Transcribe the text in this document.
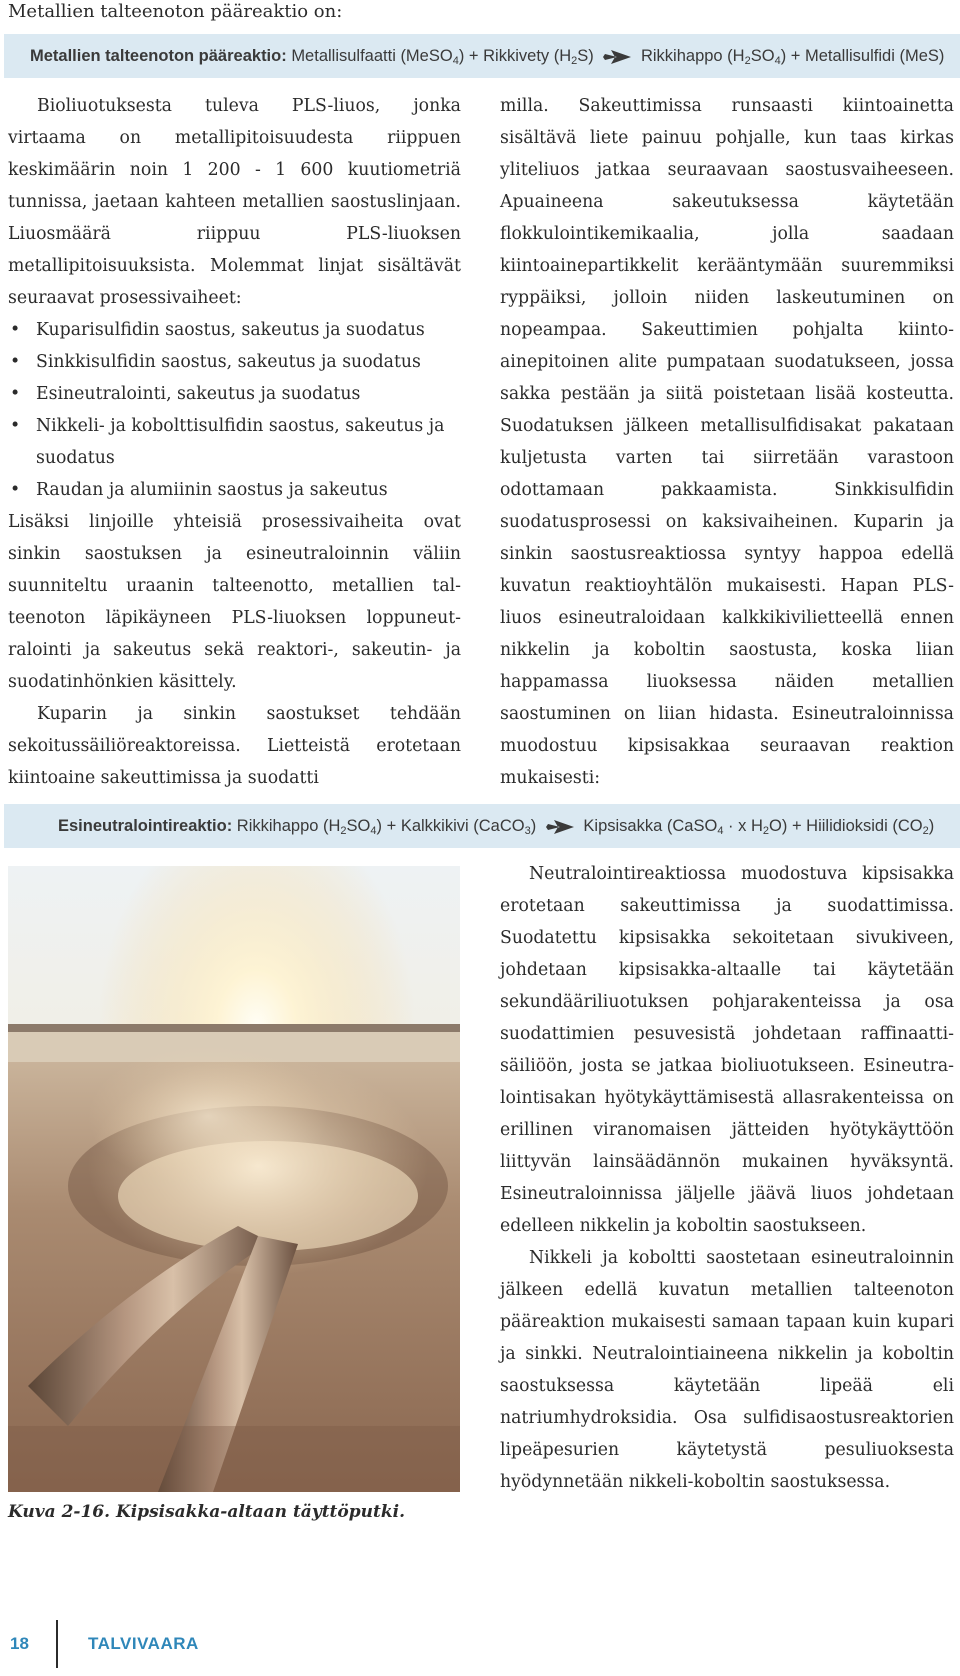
Metallien talteenoton pääreaktio on:
Metallien talteenoton pääreaktio: Metallisulfaatti (MeSO$_4$) + Rikkivety $(H_2S)$	Rikkihappo $(H_2SO_4)$ + Metallisulfidi (MeS)

Bioliuotuksesta tuleva PLS-liuos, jonka virtaama on metallipitoisuudesta riippuen keskimäärin noin 1 200 - 1 600 kuutiometriä tunnissa, jaetaan kahteen metallien saostuslinjaan. Liuosmäärä riippuu PLS-liuoksen metallipitoisuuksista. Molemmat linjat sisältävät seuraavat prosessivaiheet:

• Kuparisulfidin saostus, sakeutus ja suodatus
• Sinkkisulfidin saostus, sakeutus ja suodatus
• Esineutralointi, sakeutus ja suodatus
• Nikkeli- ja kobolttisulfidin saostus, sakeutus ja suodatus
• Raudan ja alumiinin saostus ja sakeutus

Lisäksi linjoille yhteisiä prosessivaiheita ovat sinkin saostuksen ja esineutraloinnin väliin suunniteltu uraanin talteenotto, metallien talteenoton läpikäyneen PLS-liuoksen loppuneutralointi ja sakeutus sekä reaktori-, sakeutin- ja suodatinhönkien käsittely.

Kuparin ja sinkin saostukset tehdään sekoitussäiliöreaktoreissa. Lietteistä erotetaan kiintoaine sakeuttimissa ja suodatti

milla. Sakeuttimissa runsaasti kiintoainetta sisältävä liete painuu pohjalle, kun taas kirkas yliteliuos jatkaa seuraavaan saostusvaiheeseen. Apuaineena sakeutuksessa käytetään flokkulointikemikaalia, jolla saadaan kiintoainepartikkelit kerääntymään suuremmiksi ryppäiksi, jolloin niiden laskeutuminen on nopeampaa. Sakeuttimien pohjalta kiintoainepitoinen alite pumpataan suodatukseen, jossa sakka pestään ja siitä poistetaan lisää kosteutta. Suodatuksen jälkeen metallisulfidisakat pakataan kuljetusta varten tai siirretään varastoon odottamaan pakkaamista. Sinkkisulfidin suodatusprosessi on kaksivaiheinen. Kuparin ja sinkin saostusreaktiossa syntyy happoa edellä kuvatun reaktioyhtälön mukaisesti. Hapan PLS-liuos esineutraloidaan kalkkikivilietteellä ennen nikkelin ja koboltin saostusta, koska liian happamassa liuoksessa näiden metallien saostuminen on liian hidasta. Esineutraloinnissa muodostuu kipsisakkaa seuraavan reaktion mukaisesti:

Esineutralointireaktio: Rikkihappo $(H_2SO_4)$ + Kalkkikivi (CaCO$_3$)	Kipsisakka (CaSO$_4$ · x $H_2O$) + Hiilidioksidi $(CO_2)$
Kuva 2-16. Kipsisakka-altaan täyttöputki.

Neutralointireaktiossa muodostuva kipsisakka erotetaan sakeuttimissa ja suodattimissa. Suodatettu kipsisakka sekoitetaan sivukiveen, johdetaan kipsisakka-altaalle tai käytetään sekundääriliuotuksen pohjarakenteissa ja osa suodattimien pesuvesistä johdetaan raffinaattisäiliöön, josta se jatkaa bioliuotukseen. Esineutralointisakan hyötykäyttämisestä allasrakenteissa on erillinen viranomaisen jätteiden hyötykäyttöön liittyvän lainsäädännön mukainen hyväksyntä. Esineutraloinnissa jäljelle jäävä liuos johdetaan edelleen nikkelin ja koboltin saostukseen.

Nikkeli ja koboltti saostetaan esineutraloinnin jälkeen edellä kuvatun metallien talteenoton pääreaktion mukaisesti samaan tapaan kuin kupari ja sinkki. Neutralointiaineena nikkelin ja koboltin saostuksessa käytetään lipeää eli natriumhydroksidia. Osa sulfidisaostusreaktorien lipeäpesurien käytetystä pesuliuoksesta hyödynnetään nikkeli-koboltin saostuksessa.

18	TALVIVAARA
